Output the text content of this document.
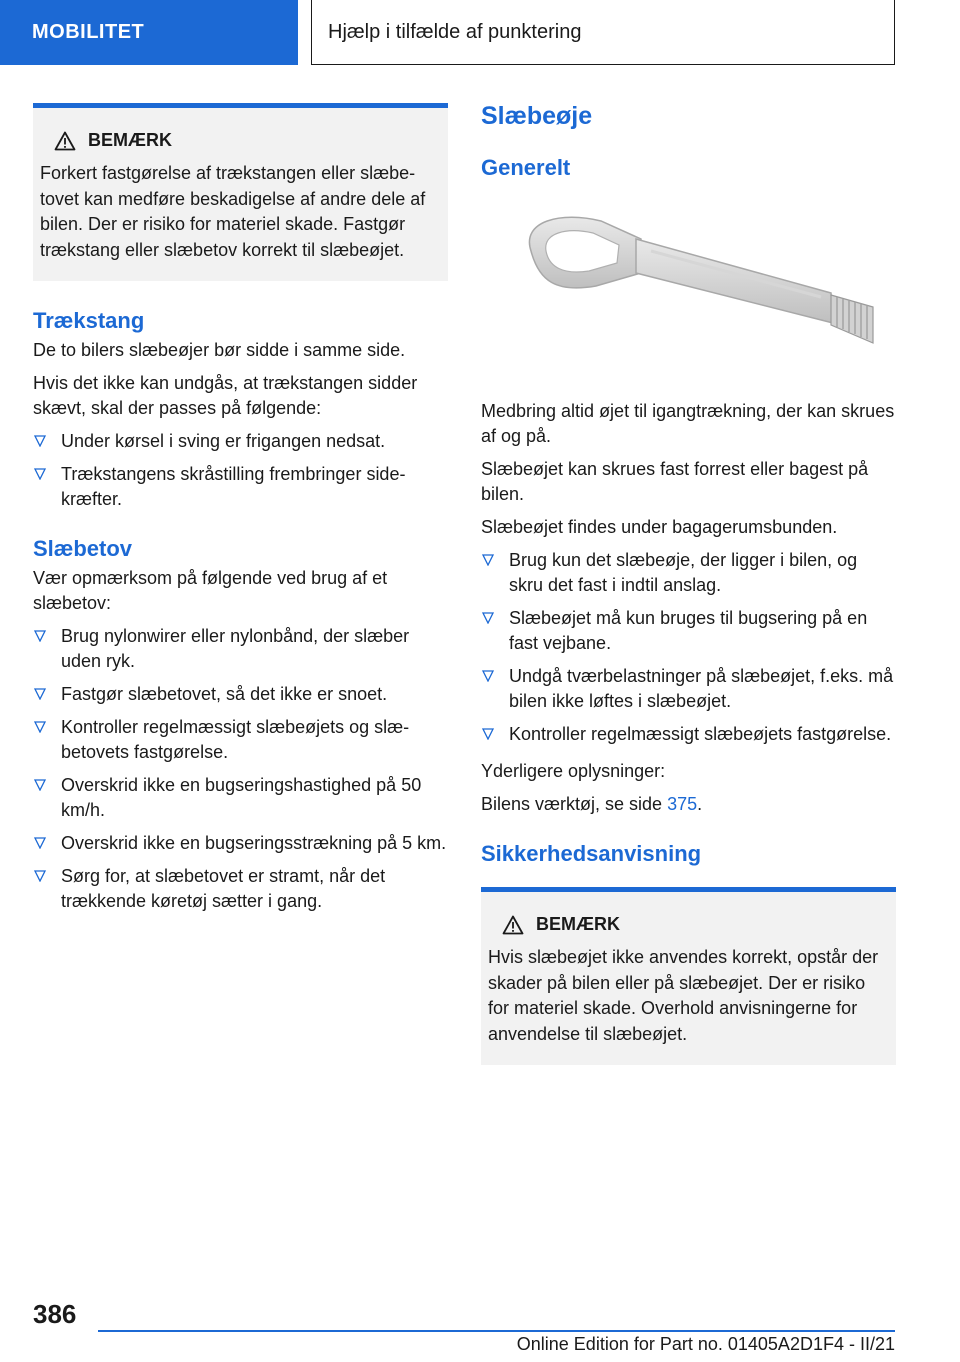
MOBILITET	Hjælp i tilfælde af punktering
BEMÆRK
Forkert fastgørelse af trækstangen eller slæbetovet kan medføre beskadigelse af andre dele af bilen. Der er risiko for materiel skade. Fastgør trækstang eller slæbetov korrekt til slæbeøjet.
Trækstang

De to bilers slæbeøjer bør sidde i samme side.

Hvis det ikke kan undgås, at trækstangen sidder skævt, skal der passes på følgende:

Under kørsel i sving er frigangen nedsat.
Trækstangens skråstilling frembringer sidekræfter.
Slæbetov

Vær opmærksom på følgende ved brug af et slæbetov:

Brug nylonwirer eller nylonbånd, der slæber uden ryk.
Fastgør slæbetovet, så det ikke er snoet.
Kontroller regelmæssigt slæbeøjets og slæbetovets fastgørelse.
Overskrid ikke en bugseringshastighed på 50 km/h.
Overskrid ikke en bugseringsstrækning på 5 km.
Sørg for, at slæbetovet er stramt, når det trækkende køretøj sætter i gang.
Slæbeøje
Generelt

Medbring altid øjet til igangtrækning, der kan skrues af og på.

Slæbeøjet kan skrues fast forrest eller bagest på bilen.

Slæbeøjet findes under bagagerumsbunden.

Brug kun det slæbeøje, der ligger i bilen, og skru det fast i indtil anslag.
Slæbeøjet må kun bruges til bugsering på en fast vejbane.
Undgå tværbelastninger på slæbeøjet, f.eks. må bilen ikke løftes i slæbeøjet.
Kontroller regelmæssigt slæbeøjets fastgørelse.

Yderligere oplysninger:

Bilens værktøj, se side 375.

Sikkerhedsanvisning
BEMÆRK
Hvis slæbeøjet ikke anvendes korrekt, opstår der skader på bilen eller på slæbeøjet. Der er risiko for materiel skade. Overhold anvisningerne for anvendelse til slæbeøjet.
386
Online Edition for Part no. 01405A2D1F4 - II/21
